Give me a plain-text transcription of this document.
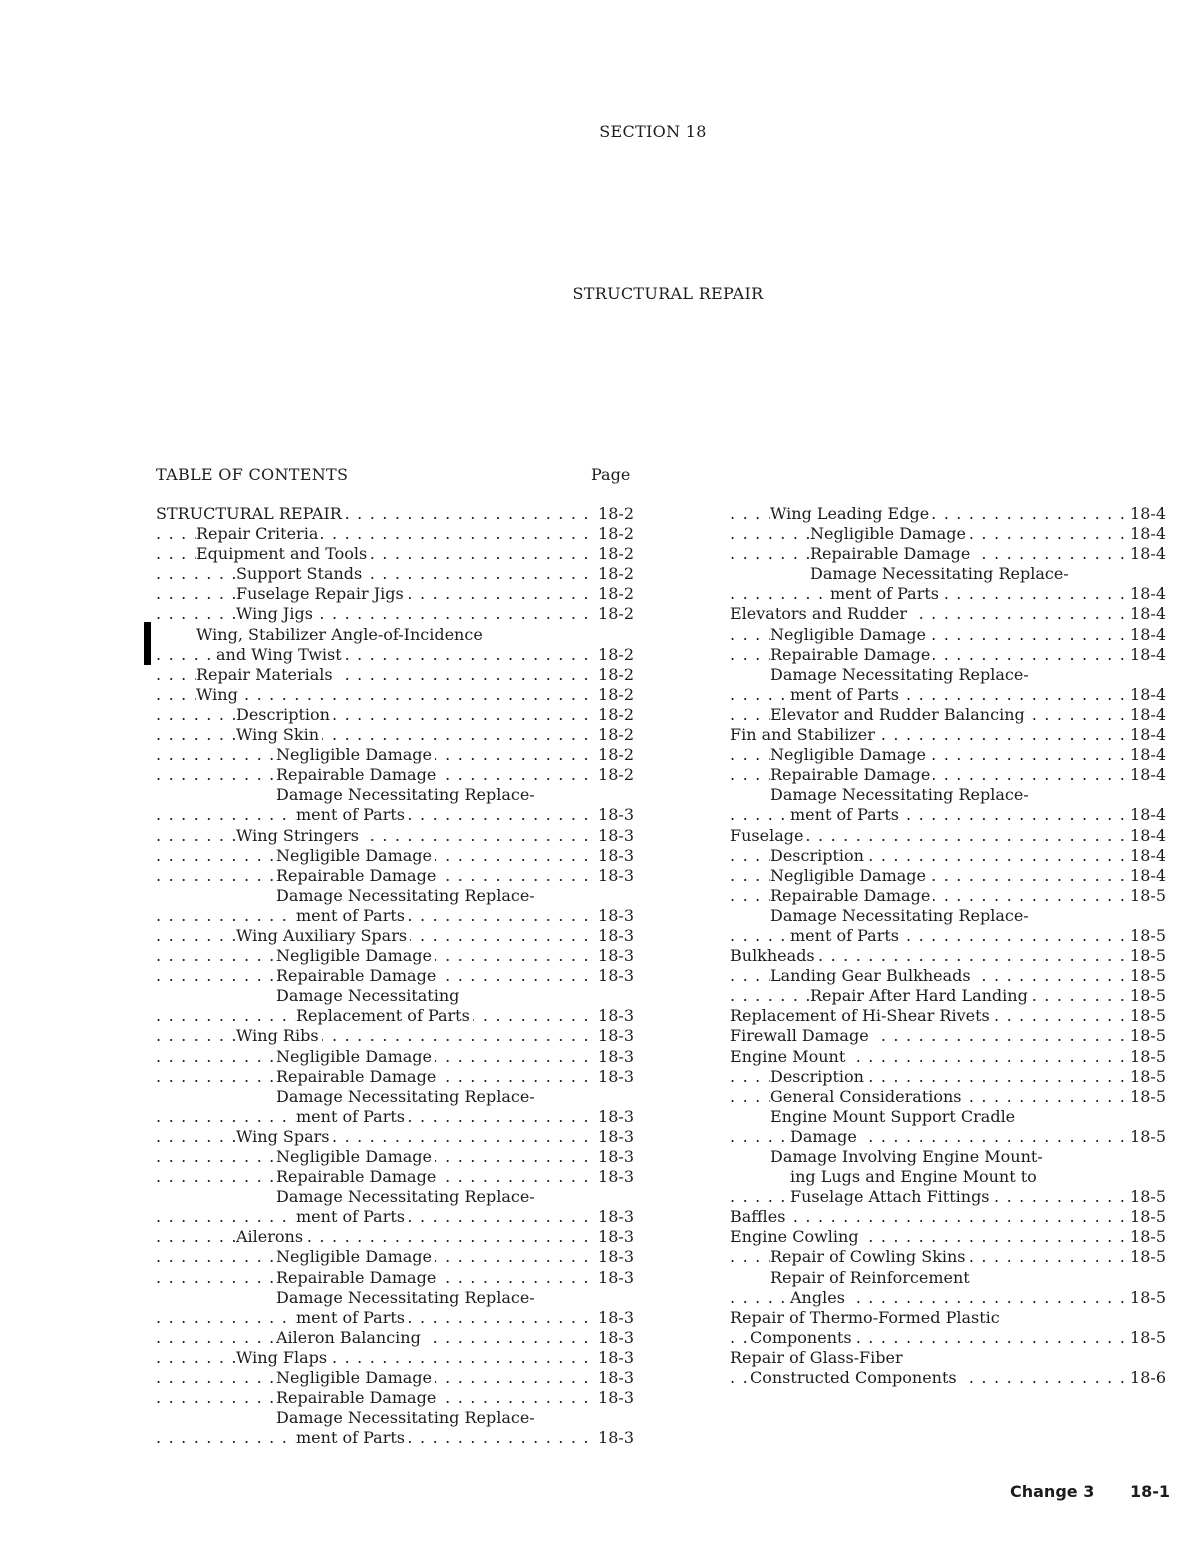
SECTION 18
STRUCTURAL REPAIR
TABLE OF CONTENTS	Page
STRUCTURAL REPAIR	18-2
. . .
Repair Criteria	18-2
. . .
Equipment and Tools	18-2
. . .
Support Stands	18-2
. . .
Fuselage Repair Jigs	18-2
. . .
Wing Jigs	18-2
. . .
Wing, Stabilizer Angle-of-Incidence
and Wing Twist	18-2
. . .
Repair Materials	18-2
. . .
Wing	18-2
. . .
Description	18-2
. . .
Wing Skin	18-2
. . .
Negligible Damage	18-2
. . .
Repairable Damage	18-2
. . .
Damage Necessitating Replace-
ment of Parts	18-3
. . .
Wing Stringers	18-3
. . .
Negligible Damage	18-3
. . .
Repairable Damage	18-3
. . .
Damage Necessitating Replace-
ment of Parts	18-3
. . .
Wing Auxiliary Spars	18-3
. . .
Negligible Damage	18-3
. . .
Repairable Damage	18-3
. . .
Damage Necessitating
Replacement of Parts	18-3
. . .
Wing Ribs	18-3
. . .
Negligible Damage	18-3
. . .
Repairable Damage	18-3
. . .
Damage Necessitating Replace-
ment of Parts	18-3
. . .
Wing Spars	18-3
. . .
Negligible Damage	18-3
. . .
Repairable Damage	18-3
. . .
Damage Necessitating Replace-
ment of Parts	18-3
. . .
Ailerons	18-3
. . .
Negligible Damage	18-3
. . .
Repairable Damage	18-3
. . .
Damage Necessitating Replace-
ment of Parts	18-3
. . .
Aileron Balancing	18-3
. . .
Wing Flaps	18-3
. . .
Negligible Damage	18-3
. . .
Repairable Damage	18-3
. . .
Damage Necessitating Replace-
ment of Parts	18-3
. . .
Wing Leading Edge	18-4
. . .
Negligible Damage	18-4
. . .
Repairable Damage	18-4
. . .
Damage Necessitating Replace-
ment of Parts	18-4
. . .
Elevators and Rudder	18-4
. . .
Negligible Damage	18-4
. . .
Repairable Damage	18-4
. . .
Damage Necessitating Replace-
ment of Parts	18-4
. . .
Elevator and Rudder Balancing	18-4
. . .
Fin and Stabilizer	18-4
. . .
Negligible Damage	18-4
. . .
Repairable Damage	18-4
. . .
Damage Necessitating Replace-
ment of Parts	18-4
. . .
Fuselage	18-4
. . .
Description	18-4
. . .
Negligible Damage	18-4
. . .
Repairable Damage	18-5
. . .
Damage Necessitating Replace-
ment of Parts	18-5
. . .
Bulkheads	18-5
. . .
Landing Gear Bulkheads	18-5
. . .
Repair After Hard Landing	18-5
. . .
Replacement of Hi-Shear Rivets	18-5
. . .
Firewall Damage	18-5
. . .
Engine Mount	18-5
. . .
Description	18-5
. . .
General Considerations	18-5
. . .
Engine Mount Support Cradle
Damage	18-5
. . .
Damage Involving Engine Mount-
ing Lugs and Engine Mount to
Fuselage Attach Fittings	18-5
. . .
Baffles	18-5
. . .
Engine Cowling	18-5
. . .
Repair of Cowling Skins	18-5
. . .
Repair of Reinforcement
Angles	18-5
. . .
Repair of Thermo-Formed Plastic
Components	18-5
. . .
Repair of Glass-Fiber
Constructed Components	18-6
. . .
Change 3 18-1
